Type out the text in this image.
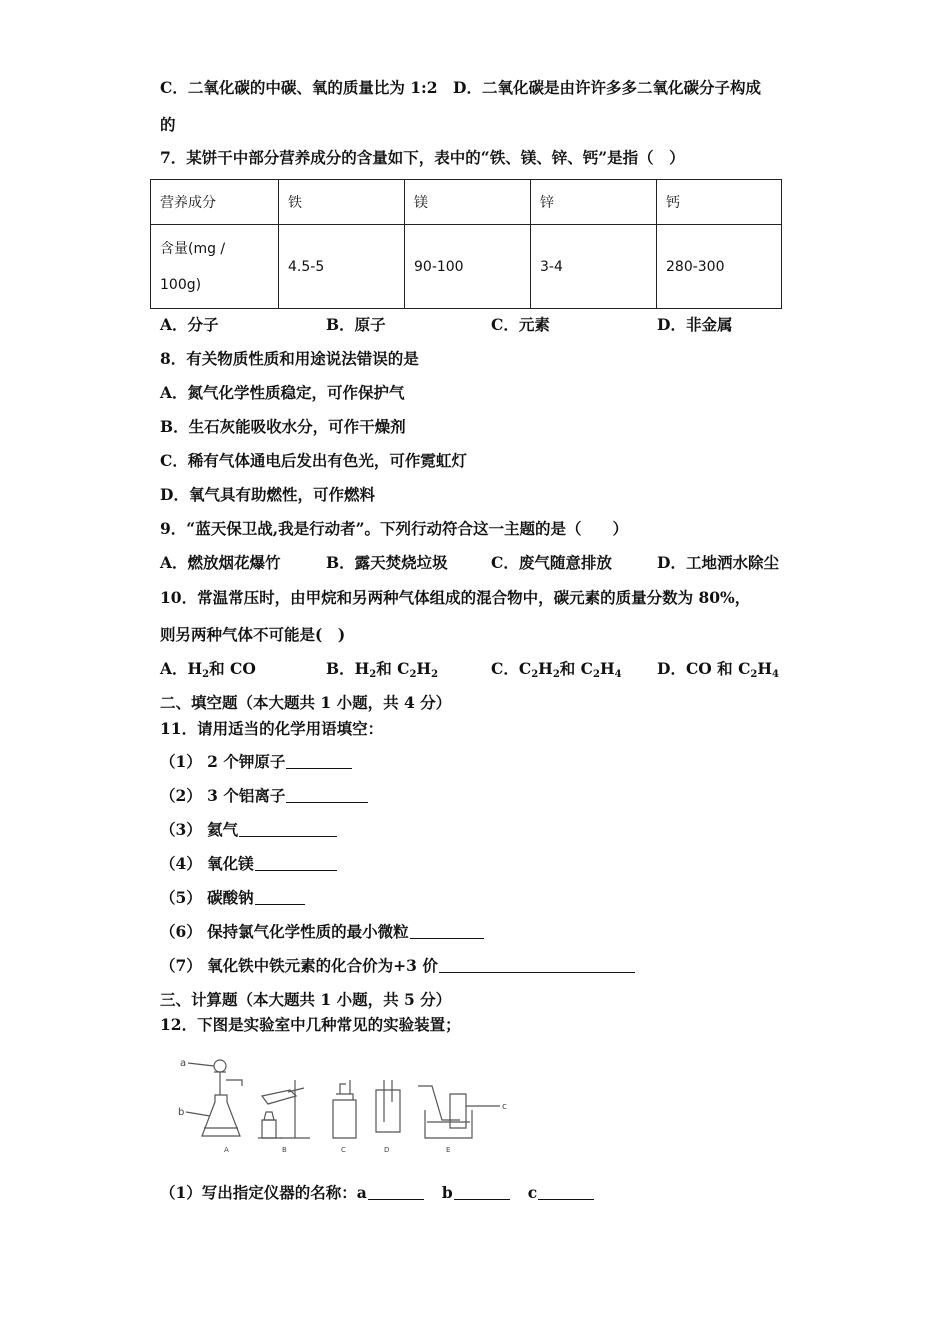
C．二氧化碳的中碳、氧的质量比为 1:2　D．二氧化碳是由许许多多二氧化碳分子构成
的
7．某饼干中部分营养成分的含量如下，表中的“铁、镁、锌、钙”是指（　）
营养成分	铁	镁	锌	钙

含量(mg /
100g)	4.5-5	90-100	3-4	280-300
A．分子	B．原子	C．元素	D．非金属
8．有关物质性质和用途说法错误的是
A．氮气化学性质稳定，可作保护气
B．生石灰能吸收水分，可作干燥剂
C．稀有气体通电后发出有色光，可作霓虹灯
D．氧气具有助燃性，可作燃料
9．“蓝天保卫战,我是行动者”。下列行动符合这一主题的是（　　）
A．燃放烟花爆竹	B．露天焚烧垃圾	C．废气随意排放	D．工地洒水除尘
10．常温常压时，由甲烷和另两种气体组成的混合物中，碳元素的质量分数为 80%，
则另两种气体不可能是(　)
A．$H_2$和 CO	B．$H_2$和 $C_2H_2$	C．$C_2H_2$和 $C_2H_4$ D．CO 和 $C_2H_4$
二、填空题（本大题共 1 小题，共 4 分）
11．请用适当的化学用语填空：
（1） 2 个钾原子
（2） 3 个铝离子
（3） 氦气
（4） 氧化镁
（5） 碳酸钠
（6） 保持氯气化学性质的最小微粒
（7） 氧化铁中铁元素的化合价为+3 价
三、计算题（本大题共 1 小题，共 5 分）
12．下图是实验室中几种常见的实验装置；
a
b
A	B	C	D
c
E
（1）写出指定仪器的名称：a	b	c
